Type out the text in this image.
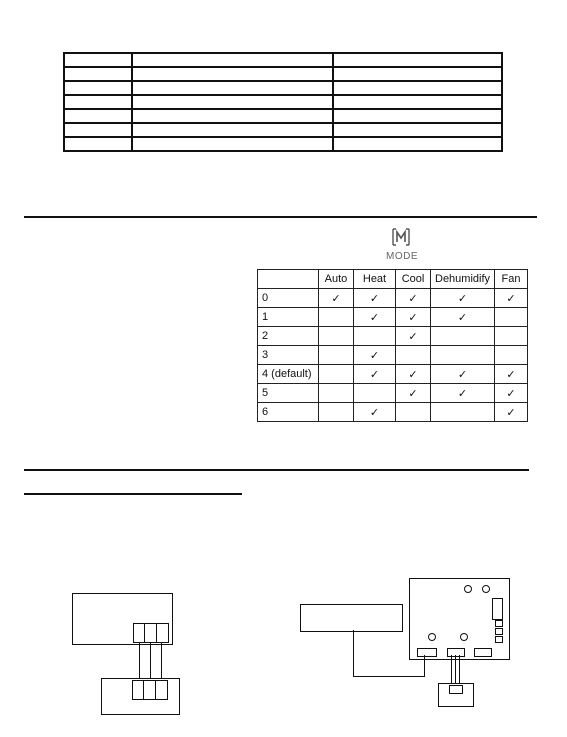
MODE
	Auto	Heat	Cool	Dehumidify	Fan
0	✓	✓	✓	✓	✓
1		✓	✓	✓	
2			✓		
3		✓			
4 (default)		✓	✓	✓	✓
5			✓	✓	✓
6		✓			✓
